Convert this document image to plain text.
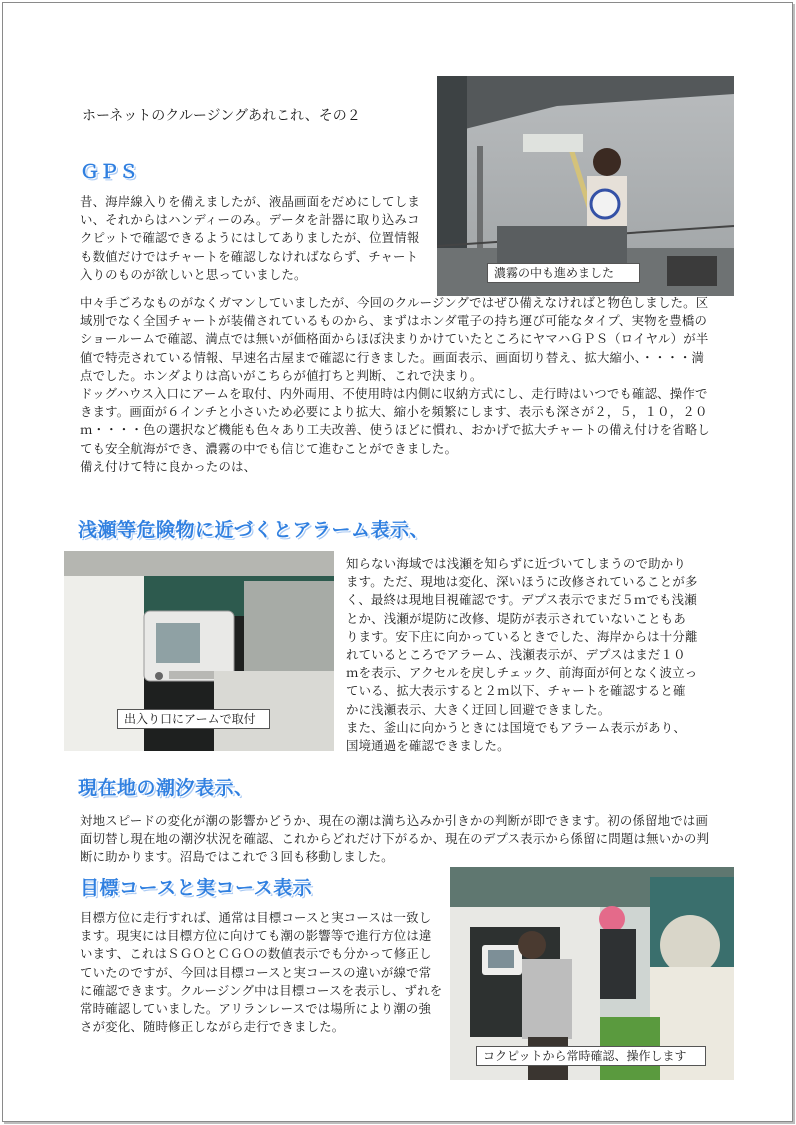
ホーネットのクルージングあれこれ、その２
濃霧の中も進めました
ＧＰＳ

昔、海岸線入りを備えましたが、液晶画面をだめにしてしまい、それからはハンディーのみ。データを計器に取り込みコクピットで確認できるようにはしてありましたが、位置情報も数値だけではチャートを確認しなければならず、チャート入りのものが欲しいと思っていました。

中々手ごろなものがなくガマンしていましたが、今回のクルージングではぜひ備えなければと物色しました。区域別でなく全国チャートが装備されているものから、まずはホンダ電子の持ち運び可能なタイプ、実物を豊橋のショールームで確認、満点では無いが価格面からほぼ決まりかけていたところにヤマハＧＰＳ（ロイヤル）が半値で特売されている情報、早速名古屋まで確認に行きました。画面表示、画面切り替え、拡大縮小、・・・・満点でした。ホンダよりは高いがこちらが値打ちと判断、これで決まり。

ドッグハウス入口にアームを取付、内外両用、不使用時は内側に収納方式にし、走行時はいつでも確認、操作できます。画面が６インチと小さいため必要により拡大、縮小を頻繁にします、表示も深さが２，５，１０，２０ｍ・・・・色の選択など機能も色々あり工夫改善、使うほどに慣れ、おかげで拡大チャートの備え付けを省略しても安全航海ができ、濃霧の中でも信じて進むことができました。

備え付けて特に良かったのは、

浅瀬等危険物に近づくとアラーム表示、
出入り口にアームで取付

知らない海域では浅瀬を知らずに近づいてしまうので助かります。ただ、現地は変化、深いほうに改修されていることが多く、最終は現地目視確認です。デプス表示でまだ５ｍでも浅瀬とか、浅瀬が堤防に改修、堤防が表示されていないこともあります。安下庄に向かっているときでした、海岸からは十分離れているところでアラーム、浅瀬表示が、デプスはまだ１０ｍを表示、アクセルを戻しチェック、前海面が何となく波立っている、拡大表示すると２ｍ以下、チャートを確認すると確かに浅瀬表示、大きく迂回し回避できました。

また、釜山に向かうときには国境でもアラーム表示があり、国境通過を確認できました。

現在地の潮汐表示、

対地スピードの変化が潮の影響かどうか、現在の潮は満ち込みか引きかの判断が即できます。初の係留地では画面切替し現在地の潮汐状況を確認、これからどれだけ下がるか、現在のデプス表示から係留に問題は無いかの判断に助かります。沼島ではこれで３回も移動しました。

目標コースと実コース表示

目標方位に走行すれば、通常は目標コースと実コースは一致します。現実には目標方位に向けても潮の影響等で進行方位は違います、これはＳＧＯとＣＧＯの数値表示でも分かって修正していたのですが、今回は目標コースと実コースの違いが線で常に確認できます。クルージング中は目標コースを表示し、ずれを常時確認していました。アリランレースでは場所により潮の強さが変化、随時修正しながら走行できました。

コクピットから常時確認、操作します
